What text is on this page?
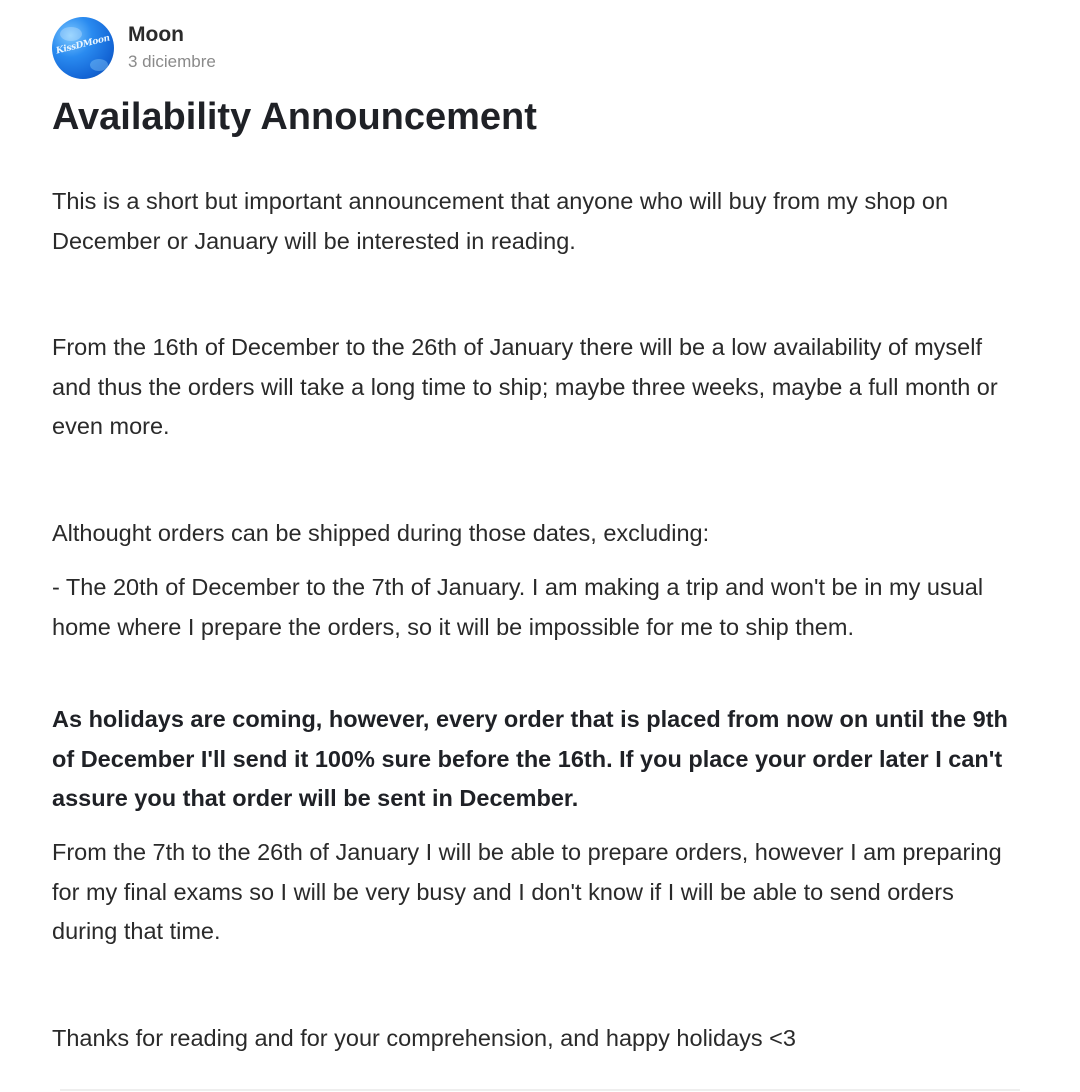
KissDMoon Moon
3 diciembre
Availability Announcement

This is a short but important announcement that anyone who will buy from my shop on December or January will be interested in reading.

From the 16th of December to the 26th of January there will be a low availability of myself and thus the orders will take a long time to ship; maybe three weeks, maybe a full month or even more.

Althought orders can be shipped during those dates, excluding:

- The 20th of December to the 7th of January. I am making a trip and won't be in my usual home where I prepare the orders, so it will be impossible for me to ship them.

As holidays are coming, however, every order that is placed from now on until the 9th of December I'll send it 100% sure before the 16th. If you place your order later I can't assure you that order will be sent in December.

From the 7th to the 26th of January I will be able to prepare orders, however I am preparing for my final exams so I will be very busy and I don't know if I will be able to send orders during that time.

Thanks for reading and for your comprehension, and happy holidays <3
